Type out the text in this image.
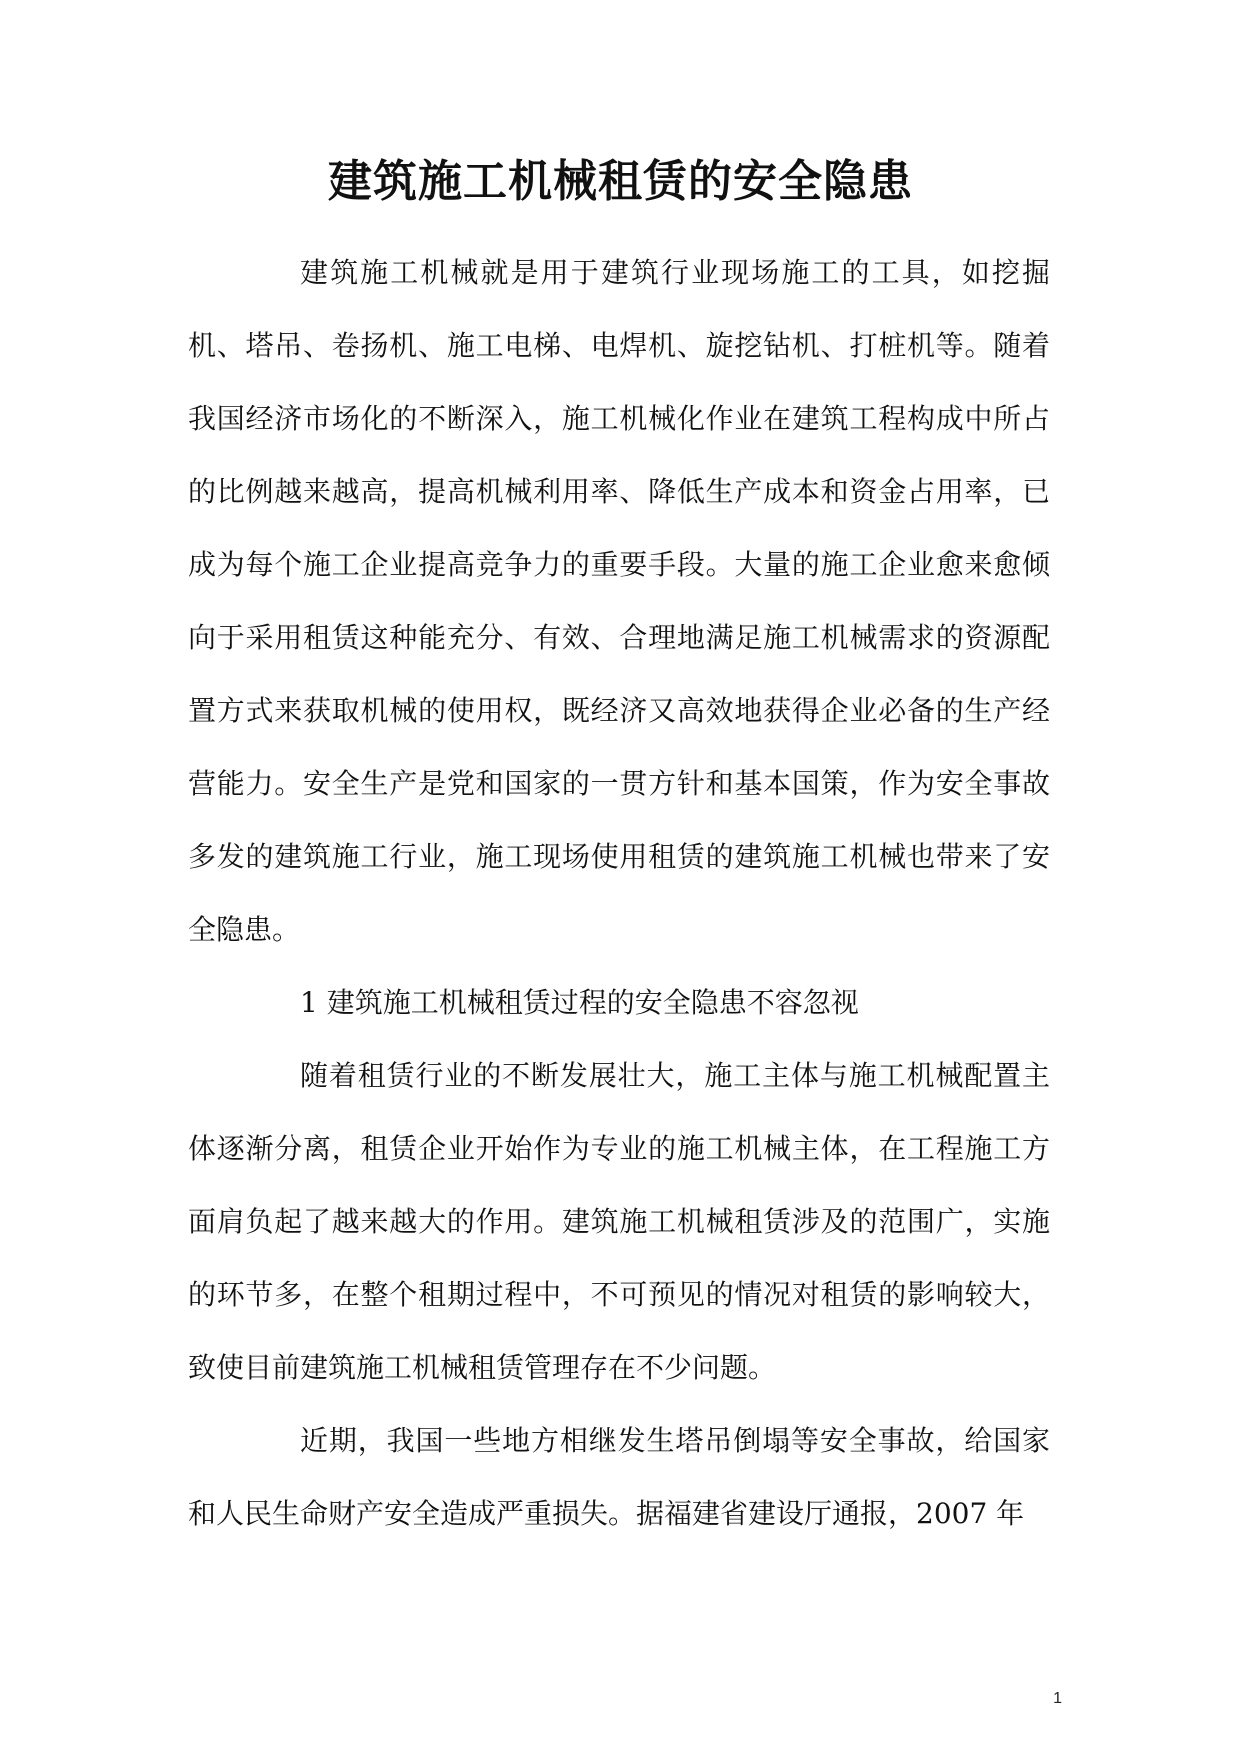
建筑施工机械租赁的安全隐患

建筑施工机械就是用于建筑行业现场施工的工具，如挖掘机、塔吊、卷扬机、施工电梯、电焊机、旋挖钻机、打桩机等。随着我国经济市场化的不断深入，施工机械化作业在建筑工程构成中所占的比例越来越高，提高机械利用率、降低生产成本和资金占用率，已成为每个施工企业提高竞争力的重要手段。大量的施工企业愈来愈倾向于采用租赁这种能充分、有效、合理地满足施工机械需求的资源配置方式来获取机械的使用权，既经济又高效地获得企业必备的生产经营能力。安全生产是党和国家的一贯方针和基本国策，作为安全事故多发的建筑施工行业，施工现场使用租赁的建筑施工机械也带来了安全隐患。

1 建筑施工机械租赁过程的安全隐患不容忽视

随着租赁行业的不断发展壮大，施工主体与施工机械配置主体逐渐分离，租赁企业开始作为专业的施工机械主体，在工程施工方面肩负起了越来越大的作用。建筑施工机械租赁涉及的范围广，实施的环节多，在整个租期过程中，不可预见的情况对租赁的影响较大，致使目前建筑施工机械租赁管理存在不少问题。

近期，我国一些地方相继发生塔吊倒塌等安全事故，给国家和人民生命财产安全造成严重损失。据福建省建设厅通报，2007 年

1
